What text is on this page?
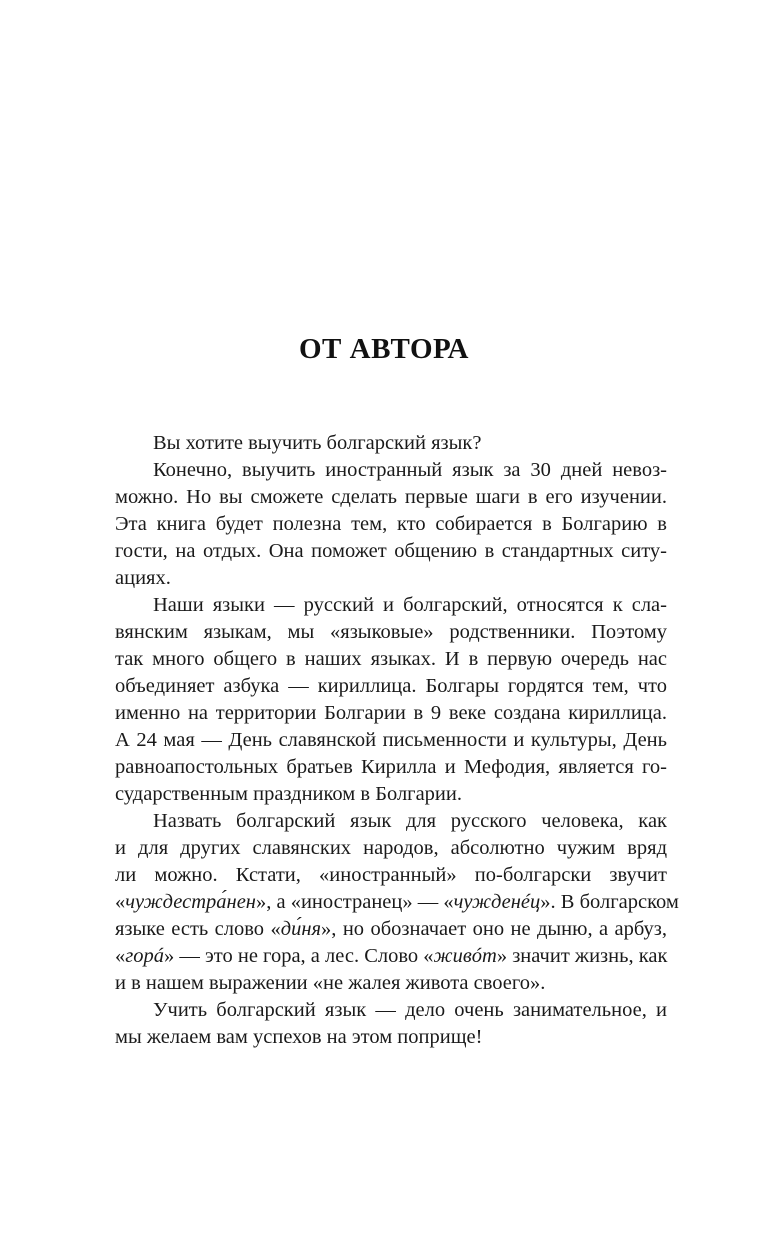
ОТ АВТОРА
Вы хотите выучить болгарский язык?
Конечно, выучить иностранный язык за 30 дней невоз-
можно. Но вы сможете сделать первые шаги в его изучении.
Эта книга будет полезна тем, кто собирается в Болгарию в
гости, на отдых. Она поможет общению в стандартных ситу-
ациях.
Наши языки — русский и болгарский, относятся к сла-
вянским языкам, мы «языковые» родственники. Поэтому
так много общего в наших языках. И в первую очередь нас
объединяет азбука — кириллица. Болгары гордятся тем, что
именно на территории Болгарии в 9 веке создана кириллица.
А 24 мая — День славянской письменности и культуры, День
равноапостольных братьев Кирилла и Мефодия, является го-
сударственным праздником в Болгарии.
Назвать болгарский язык для русского человека, как
и для других славянских народов, абсолютно чужим вряд
ли можно. Кстати, «иностранный» по-болгарски звучит
«чуждестра́нен», а «иностранец» — «чужденéц». В болгарском
языке есть слово «ди́ня», но обозначает оно не дыню, а арбуз,
«горá» — это не гора, а лес. Слово «живóт» значит жизнь, как
и в нашем выражении «не жалея живота своего».
Учить болгарский язык — дело очень занимательное, и
мы желаем вам успехов на этом поприще!
